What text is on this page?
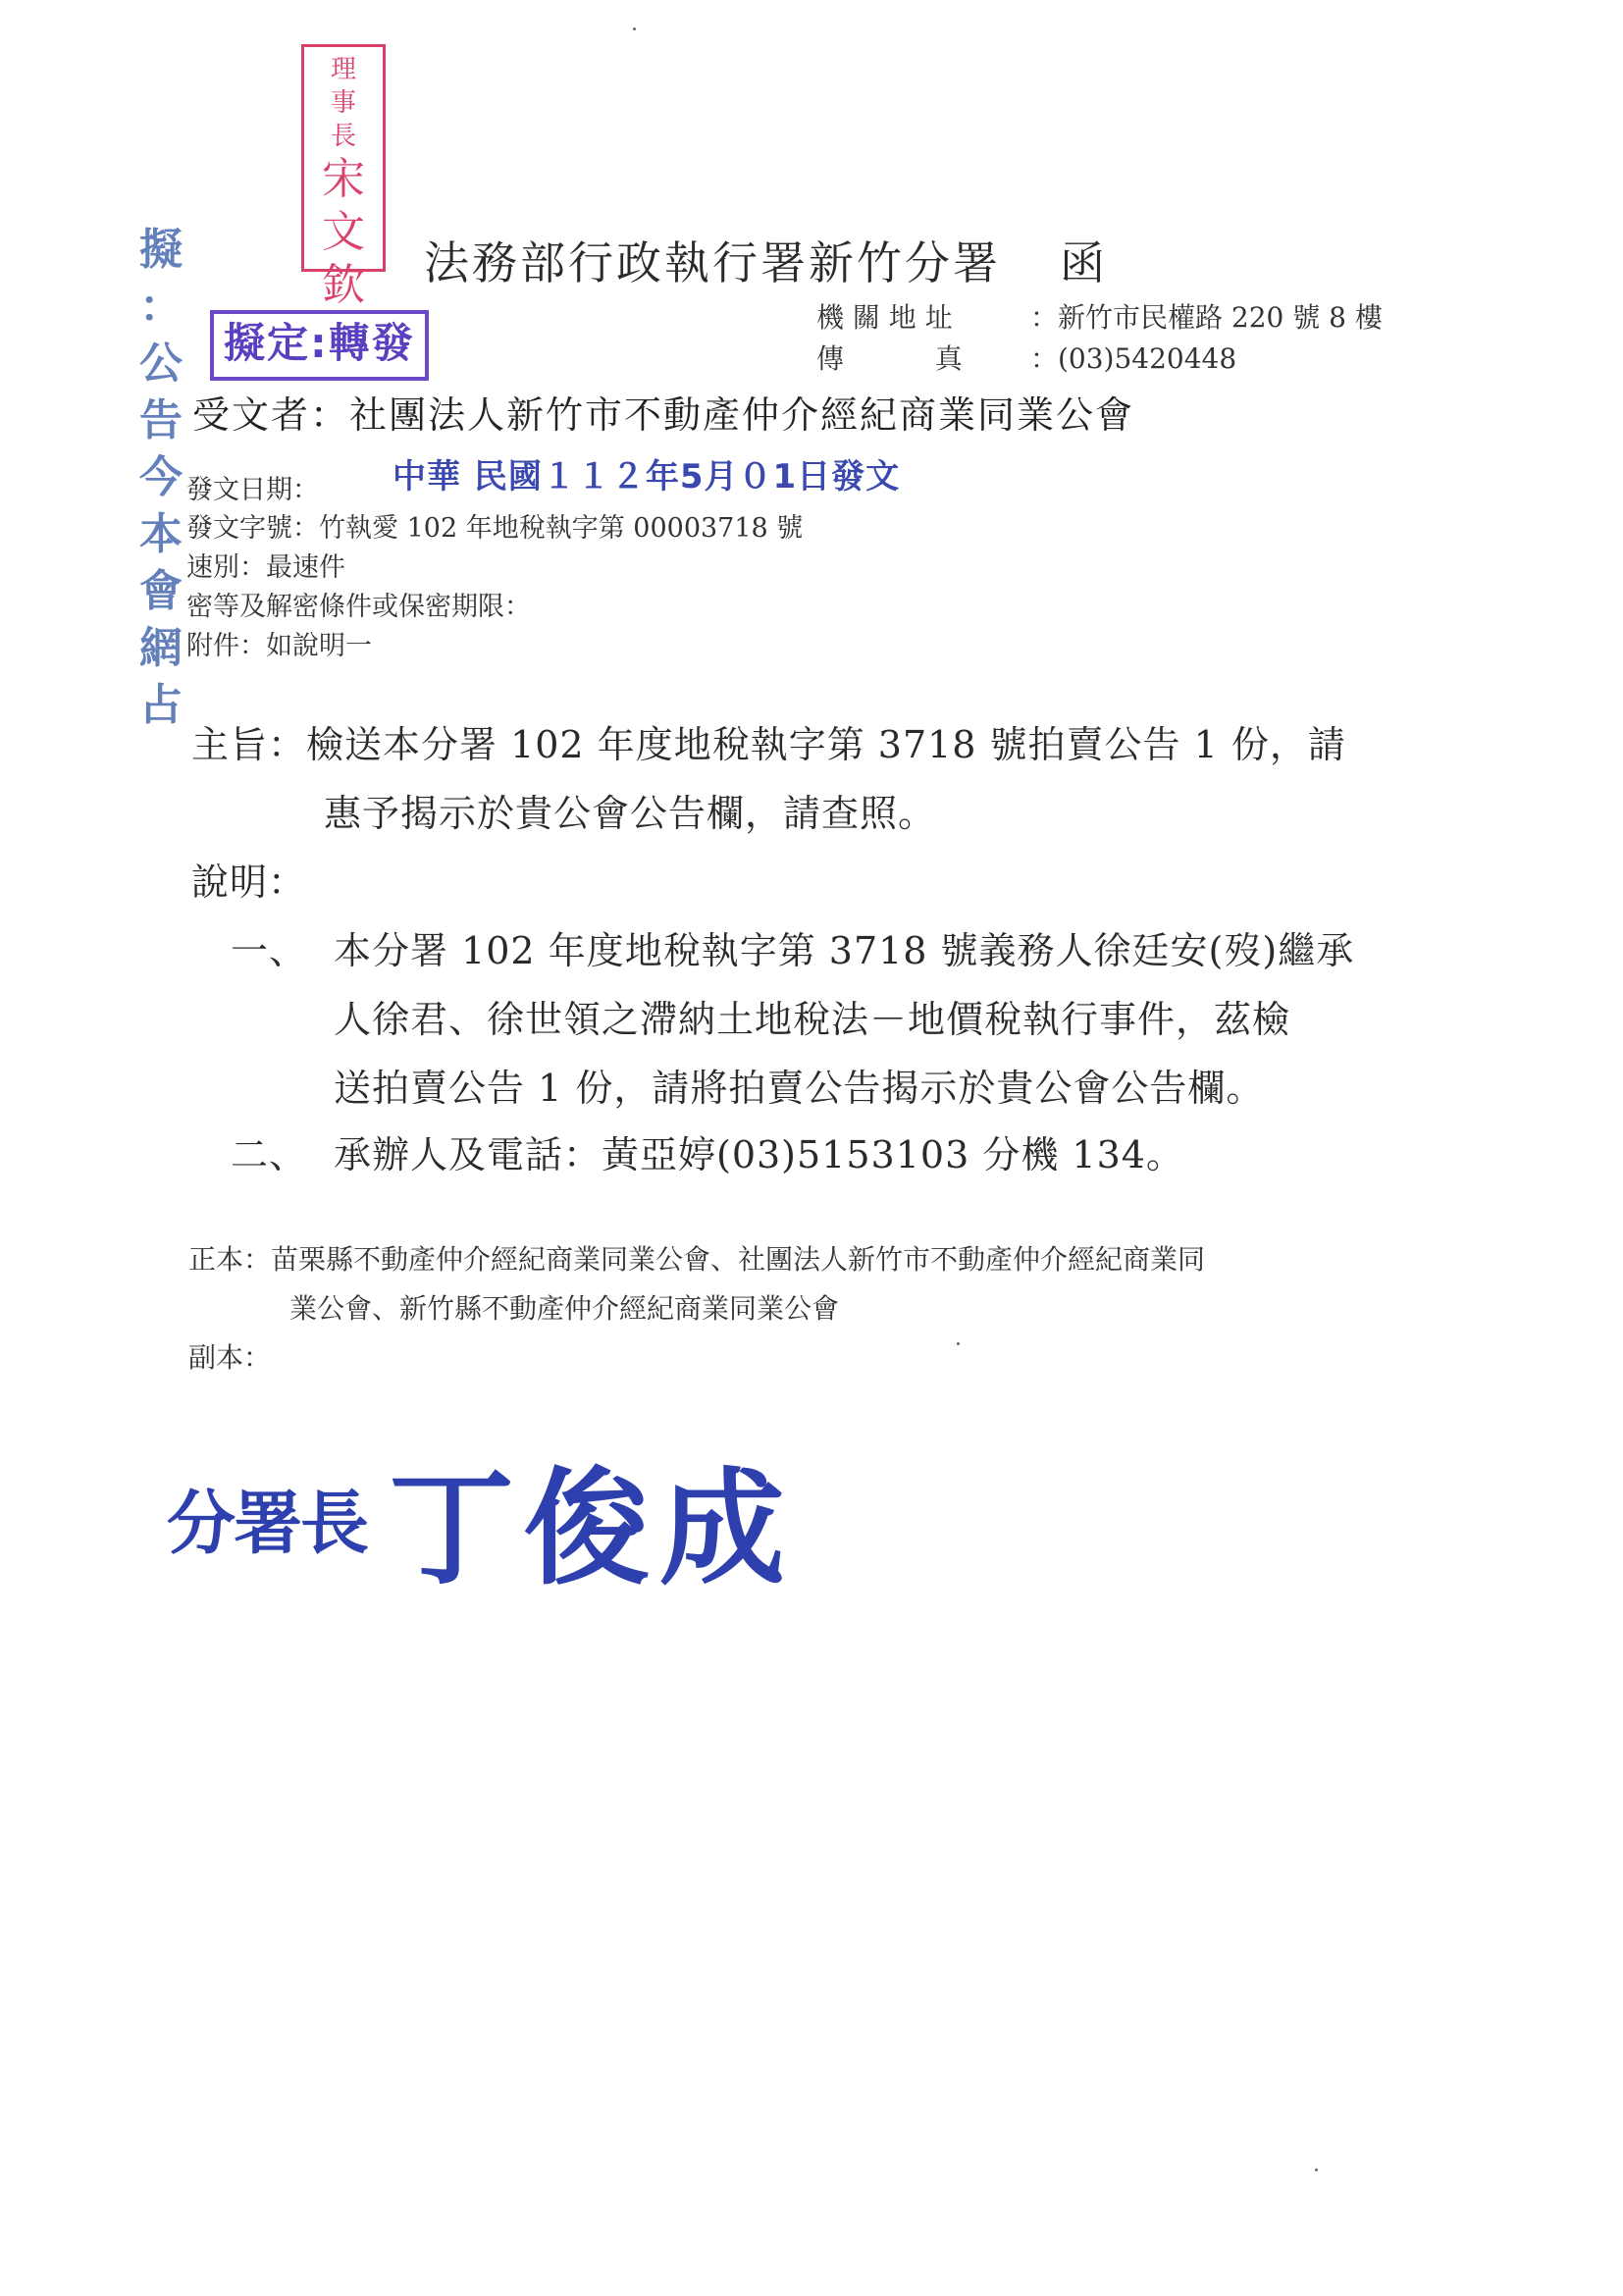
理
事
長
宋
文
欽
擬
：
公
告
今
本
會
網
占
法務部行政執行署新竹分署 函
機 關 地 址	：新竹市民權路 220 號 8 樓
傳　　　 真 ：(03)5420448
擬定:轉發
受文者：社團法人新竹市不動產仲介經紀商業同業公會
發文日期： 中華 民國１１２年5月０1日發文
發文字號：竹執愛 102 年地稅執字第 00003718 號
速別：最速件
密等及解密條件或保密期限：
附件：如說明一
主旨：檢送本分署 102 年度地稅執字第 3718 號拍賣公告 1 份，請
惠予揭示於貴公會公告欄，請查照。
說明：
一、 本分署 102 年度地稅執字第 3718 號義務人徐廷安(歿)繼承
人徐君、徐世領之滯納土地稅法－地價稅執行事件，茲檢
送拍賣公告 1 份，請將拍賣公告揭示於貴公會公告欄。
二、 承辦人及電話：黃亞婷(03)5153103 分機 134。
正本：苗栗縣不動產仲介經紀商業同業公會、社團法人新竹市不動產仲介經紀商業同
業公會、新竹縣不動產仲介經紀商業同業公會
副本：
分署長 丁俊成
